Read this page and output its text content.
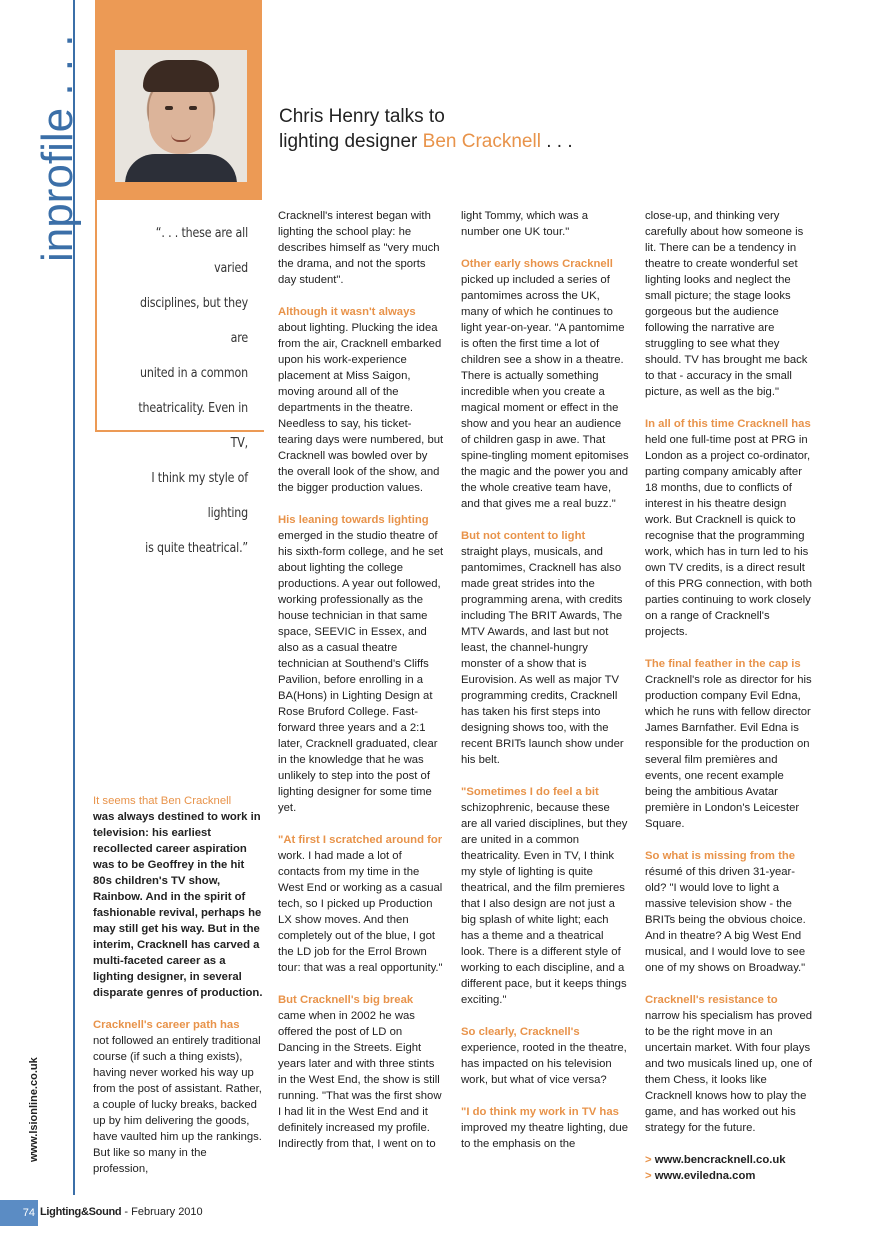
inprofile . . .
“. . . these are all varied
disciplines, but they are
united in a common
theatricality. Even in TV,
I think my style of lighting
is quite theatrical.”
Chris Henry talks to
lighting designer Ben Cracknell . . .

It seems that Ben Cracknell
was always destined to work in television: his earliest recollected career aspiration was to be Geoffrey in the hit 80s children's TV show, Rainbow. And in the spirit of fashionable revival, perhaps he may still get his way. But in the interim, Cracknell has carved a multi-faceted career as a lighting designer, in several disparate genres of production.

Cracknell's career path has
not followed an entirely traditional course (if such a thing exists), having never worked his way up from the post of assistant. Rather, a couple of lucky breaks, backed up by him delivering the goods, have vaulted him up the rankings. But like so many in the profession,

Cracknell's interest began with lighting the school play: he describes himself as "very much the drama, and not the sports day student".

Although it wasn't always
about lighting. Plucking the idea from the air, Cracknell embarked upon his work-experience placement at Miss Saigon, moving around all of the departments in the theatre. Needless to say, his ticket-tearing days were numbered, but Cracknell was bowled over by the overall look of the show, and the bigger production values.

His leaning towards lighting
emerged in the studio theatre of his sixth-form college, and he set about lighting the college productions. A year out followed, working professionally as the house technician in that same space, SEEVIC in Essex, and also as a casual theatre technician at Southend's Cliffs Pavilion, before enrolling in a BA(Hons) in Lighting Design at Rose Bruford College. Fast-forward three years and a 2:1 later, Cracknell graduated, clear in the knowledge that he was unlikely to step into the post of lighting designer for some time yet.

"At first I scratched around for
work. I had made a lot of contacts from my time in the West End or working as a casual tech, so I picked up Production LX show moves. And then completely out of the blue, I got the LD job for the Errol Brown tour: that was a real opportunity."

But Cracknell's big break
came when in 2002 he was offered the post of LD on Dancing in the Streets. Eight years later and with three stints in the West End, the show is still running. "That was the first show I had lit in the West End and it definitely increased my profile. Indirectly from that, I went on to

light Tommy, which was a number one UK tour."

Other early shows Cracknell
picked up included a series of pantomimes across the UK, many of which he continues to light year-on-year. "A pantomime is often the first time a lot of children see a show in a theatre. There is actually something incredible when you create a magical moment or effect in the show and you hear an audience of children gasp in awe. That spine-tingling moment epitomises the magic and the power you and the whole creative team have, and that gives me a real buzz."

But not content to light
straight plays, musicals, and pantomimes, Cracknell has also made great strides into the programming arena, with credits including The BRIT Awards, The MTV Awards, and last but not least, the channel-hungry monster of a show that is Eurovision. As well as major TV programming credits, Cracknell has taken his first steps into designing shows too, with the recent BRITs launch show under his belt.

"Sometimes I do feel a bit
schizophrenic, because these are all varied disciplines, but they are united in a common theatricality. Even in TV, I think my style of lighting is quite theatrical, and the film premieres that I also design are not just a big splash of white light; each has a theme and a theatrical look. There is a different style of working to each discipline, and a different pace, but it keeps things exciting."

So clearly, Cracknell's
experience, rooted in the theatre, has impacted on his television work, but what of vice versa?

"I do think my work in TV has
improved my theatre lighting, due to the emphasis on the

close-up, and thinking very carefully about how someone is lit. There can be a tendency in theatre to create wonderful set lighting looks and neglect the small picture; the stage looks gorgeous but the audience following the narrative are struggling to see what they should. TV has brought me back to that - accuracy in the small picture, as well as the big."

In all of this time Cracknell has
held one full-time post at PRG in London as a project co-ordinator, parting company amicably after 18 months, due to conflicts of interest in his theatre design work. But Cracknell is quick to recognise that the programming work, which has in turn led to his own TV credits, is a direct result of this PRG connection, with both parties continuing to work closely on a range of Cracknell's projects.

The final feather in the cap is
Cracknell's role as director for his production company Evil Edna, which he runs with fellow director James Barnfather. Evil Edna is responsible for the production on several film premières and events, one recent example being the ambitious Avatar première in London's Leicester Square.

So what is missing from the
résumé of this driven 31-year-old? "I would love to light a massive television show - the BRITs being the obvious choice. And in theatre? A big West End musical, and I would love to see one of my shows on Broadway."

Cracknell's resistance to
narrow his specialism has proved to be the right move in an uncertain market. With four plays and two musicals lined up, one of them Chess, it looks like Cracknell knows how to play the game, and has worked out his strategy for the future.

> www.bencracknell.co.uk
> www.eviledna.com
www.lsionline.co.uk
74 Lighting&Sound - February 2010
